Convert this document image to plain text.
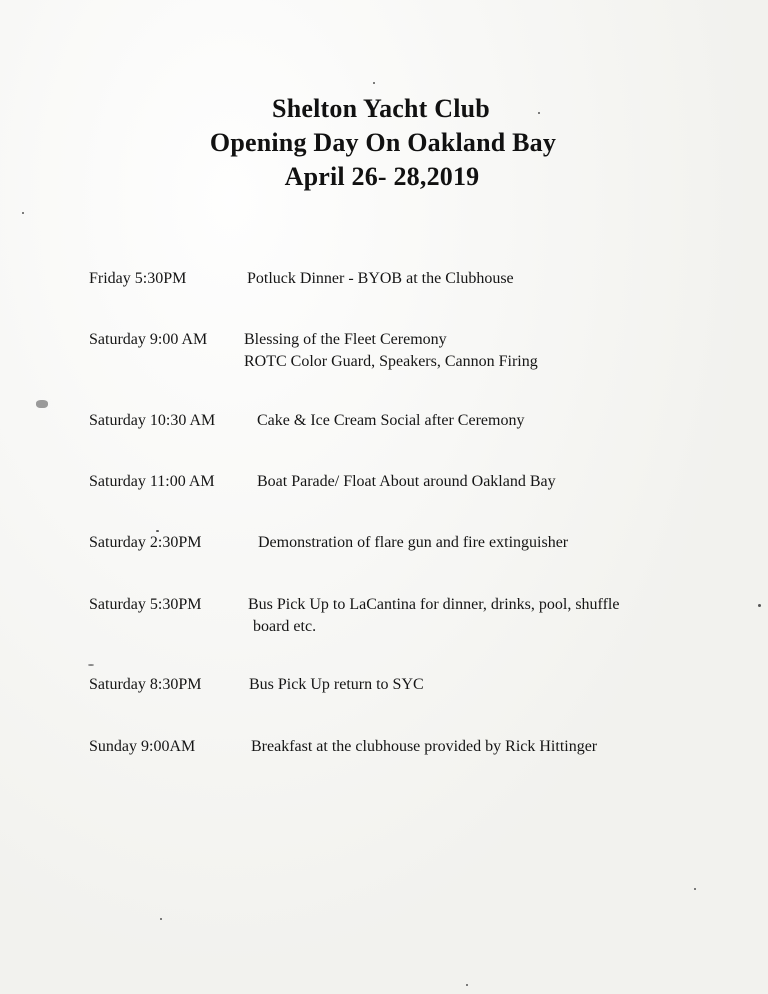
Shelton Yacht Club
Opening Day On Oakland Bay
April 26- 28,2019
Friday 5:30PM	Potluck Dinner - BYOB at the Clubhouse
Saturday 9:00 AM Blessing of the Fleet Ceremony
ROTC Color Guard, Speakers, Cannon Firing
Saturday 10:30 AM	Cake & Ice Cream Social after Ceremony
Saturday 11:00 AM	Boat Parade/ Float About around Oakland Bay
Saturday 2:30PM	Demonstration of flare gun and fire extinguisher
Saturday 5:30PM	Bus Pick Up to LaCantina for dinner, drinks, pool, shuffle
board etc.
Saturday 8:30PM	Bus Pick Up return to SYC
Sunday 9:00AM	Breakfast at the clubhouse provided by Rick Hittinger
